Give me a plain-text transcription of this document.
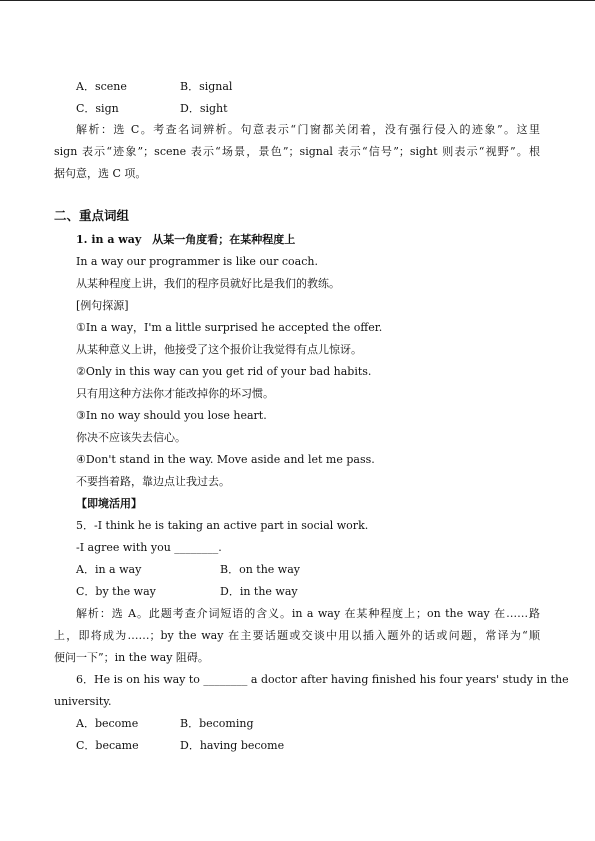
A．scene	B．signal
C．sign	D．sight
解析：选 C。考查名词辨析。句意表示“门窗都关闭着，没有强行侵入的迹象”。这里
sign 表示“迹象”；scene 表示“场景，景色”；signal 表示“信号”；sight 则表示“视野”。根
据句意，选 C 项。
二、重点词组
1. in a way　从某一角度看；在某种程度上
In a way our programmer is like our coach.
从某种程度上讲，我们的程序员就好比是我们的教练。
[例句探源]
①In a way，I'm a little surprised he accepted the offer.
从某种意义上讲，他接受了这个报价让我觉得有点儿惊讶。
②Only in this way can you get rid of your bad habits.
只有用这种方法你才能改掉你的坏习惯。
③In no way should you lose heart.
你决不应该失去信心。
④Don't stand in the way. Move aside and let me pass.
不要挡着路，靠边点让我过去。
【即境活用】
5．-I think he is taking an active part in social work.
-I agree with you ________.
A．in a way	B．on the way
C．by the way	D．in the way
解析：选 A。此题考查介词短语的含义。in a way 在某种程度上；on the way 在……路
上，即将成为……；by the way 在主要话题或交谈中用以插入题外的话或问题，常译为“顺
便问一下”；in the way 阻碍。
6．He is on his way to ________ a doctor after having finished his four years' study in the
university.
A．become	B．becoming
C．became	D．having become
